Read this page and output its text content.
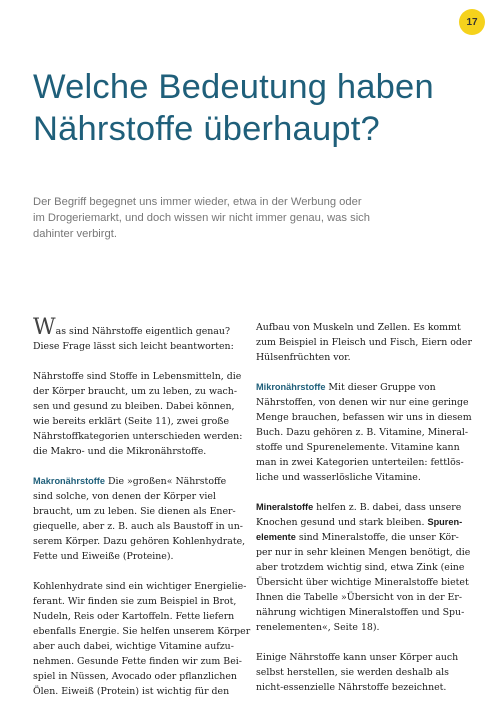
17
Welche Bedeutung haben
Nährstoffe überhaupt?
Der Begriff begegnet uns immer wieder, etwa in der Werbung oder
im Drogeriemarkt, und doch wissen wir nicht immer genau, was sich
dahinter verbirgt.
Was sind Nährstoffe eigentlich genau?
Diese Frage lässt sich leicht beantworten:
Nährstoffe sind Stoffe in Lebensmitteln, die
der Körper braucht, um zu leben, zu wach-
sen und gesund zu bleiben. Dabei können,
wie bereits erklärt (Seite 11), zwei große
Nährstoffkategorien unterschieden werden:
die Makro- und die Mikronährstoffe.
Makronährstoffe Die »großen« Nährstoffe
sind solche, von denen der Körper viel
braucht, um zu leben. Sie dienen als Ener-
giequelle, aber z. B. auch als Baustoff in un-
serem Körper. Dazu gehören Kohlenhydrate,
Fette und Eiweiße (Proteine).
Kohlenhydrate sind ein wichtiger Energielie-
ferant. Wir finden sie zum Beispiel in Brot,
Nudeln, Reis oder Kartoffeln. Fette liefern
ebenfalls Energie. Sie helfen unserem Körper
aber auch dabei, wichtige Vitamine aufzu-
nehmen. Gesunde Fette finden wir zum Bei-
spiel in Nüssen, Avocado oder pflanzlichen
Ölen. Eiweiß (Protein) ist wichtig für den
Aufbau von Muskeln und Zellen. Es kommt
zum Beispiel in Fleisch und Fisch, Eiern oder
Hülsenfrüchten vor.
Mikronährstoffe Mit dieser Gruppe von
Nährstoffen, von denen wir nur eine geringe
Menge brauchen, befassen wir uns in diesem
Buch. Dazu gehören z. B. Vitamine, Mineral-
stoffe und Spurenelemente. Vitamine kann
man in zwei Kategorien unterteilen: fettlös-
liche und wasserlösliche Vitamine.
Mineralstoffe helfen z. B. dabei, dass unsere
Knochen gesund und stark bleiben. Spuren-
elemente sind Mineralstoffe, die unser Kör-
per nur in sehr kleinen Mengen benötigt, die
aber trotzdem wichtig sind, etwa Zink (eine
Übersicht über wichtige Mineralstoffe bietet
Ihnen die Tabelle »Übersicht von in der Er-
nährung wichtigen Mineralstoffen und Spu-
renelementen«, Seite 18).
Einige Nährstoffe kann unser Körper auch
selbst herstellen, sie werden deshalb als
nicht-essenzielle Nährstoffe bezeichnet.
